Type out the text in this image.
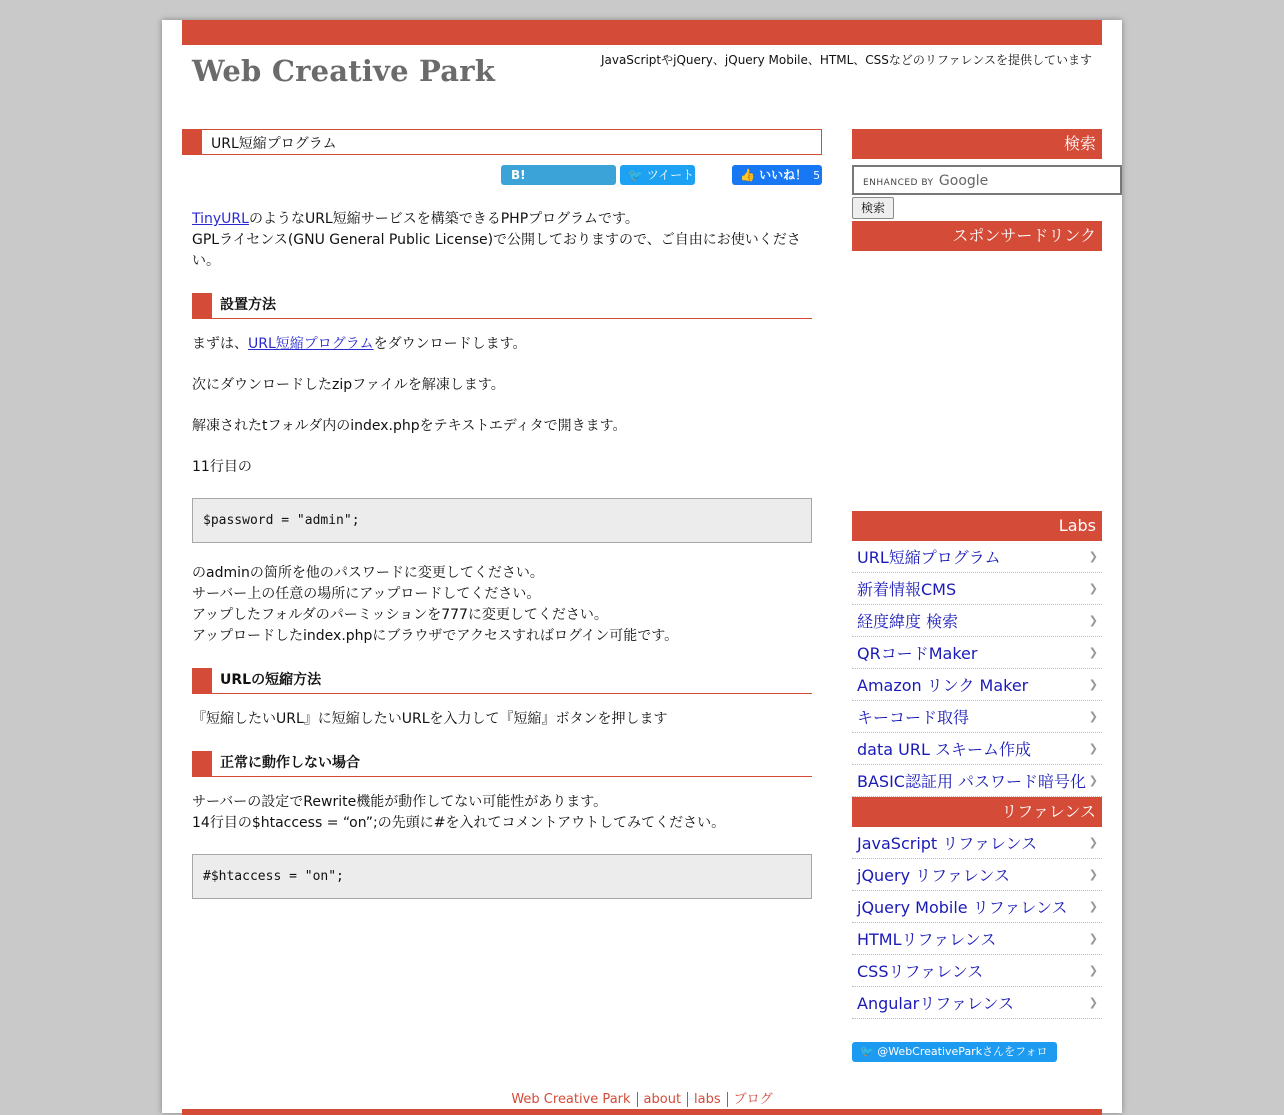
Web Creative Park	JavaScriptやjQuery、jQuery Mobile、HTML、CSSなどのリファレンスを提供しています
URL短縮プログラム
B! Bookmark 33
🐦 ツイート	👍 いいね！ 5

TinyURLのようなURL短縮サービスを構築できるPHPプログラムです。

GPLライセンス(GNU General Public License)で公開しておりますので、ご自由にお使いください。

設置方法

まずは、URL短縮プログラムをダウンロードします。

次にダウンロードしたzipファイルを解凍します。

解凍されたtフォルダ内のindex.phpをテキストエディタで開きます。

11行目の

$password = "admin";

のadminの箇所を他のパスワードに変更してください。

サーバー上の任意の場所にアップロードしてください。

アップしたフォルダのパーミッションを777に変更してください。

アップロードしたindex.phpにブラウザでアクセスすればログイン可能です。

URLの短縮方法

『短縮したいURL』に短縮したいURLを入力して『短縮』ボタンを押します

正常に動作しない場合

サーバーの設定でRewrite機能が動作してない可能性があります。

14行目の$htaccess = “on”;の先頭に#を入れてコメントアウトしてみてください。

#$htaccess = "on";
検索
ENHANCED BY Google
検索
スポンサードリンク
Labs
URL短縮プログラム	❯
新着情報CMS	❯
経度緯度 検索	❯
QRコードMaker	❯
Amazon リンク Maker	❯
キーコード取得	❯
data URL スキーム作成	❯
BASIC認証用 パスワード暗号化 ❯
リファレンス
JavaScript リファレンス	❯
jQuery リファレンス	❯
jQuery Mobile リファレンス ❯
HTMLリファレンス	❯
CSSリファレンス	❯
Angularリファレンス	❯
🐦 @WebCreativeParkさんをフォロー
Web Creative Park about labs ブログ
